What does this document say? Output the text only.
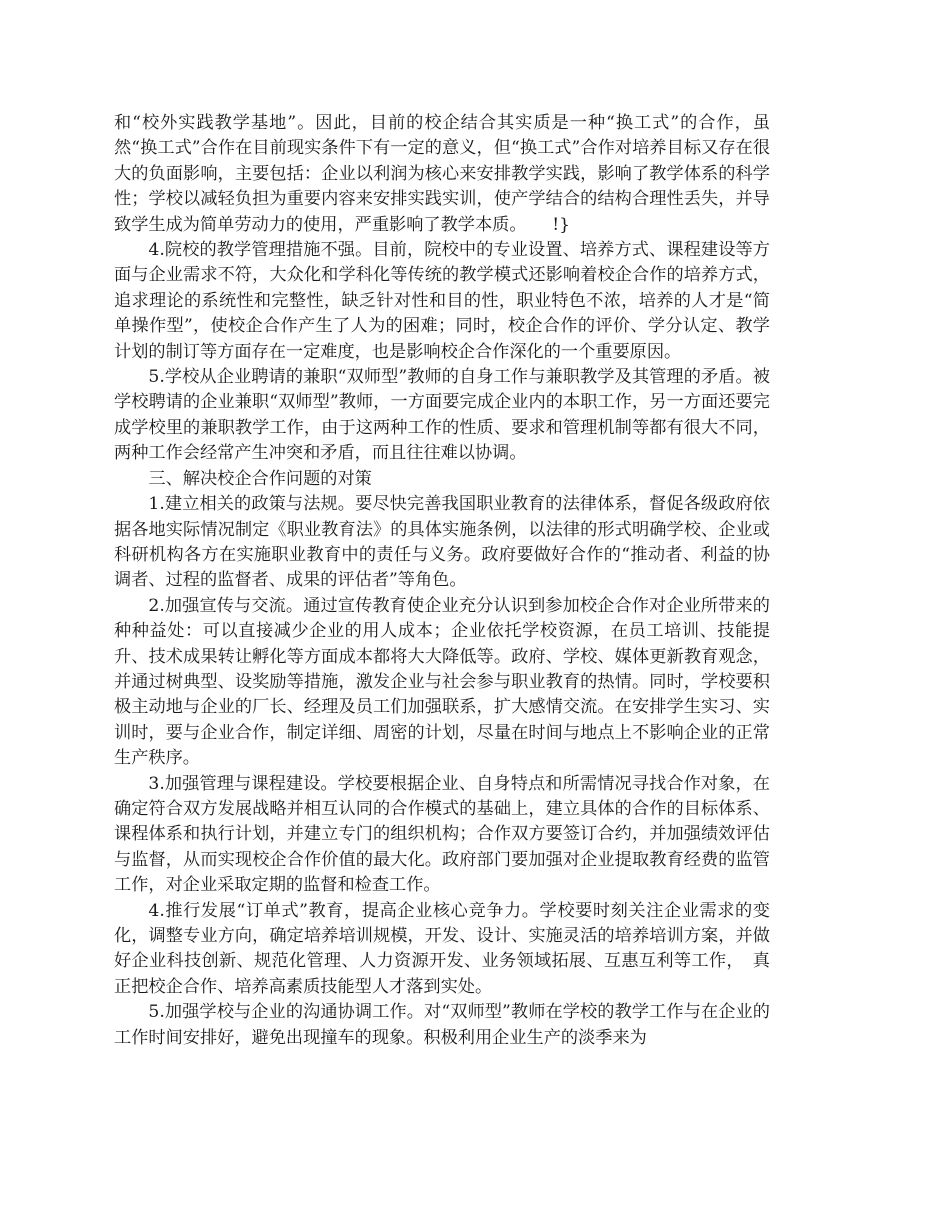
和“校外实践教学基地”。因此，目前的校企结合其实质是一种“换工式”的合作，虽然“换工式”合作在目前现实条件下有一定的意义，但“换工式”合作对培养目标又存在很大的负面影响，主要包括：企业以利润为核心来安排教学实践，影响了教学体系的科学性；学校以减轻负担为重要内容来安排实践实训，使产学结合的结构合理性丢失，并导致学生成为简单劳动力的使用，严重影响了教学本质。　　!}

4.院校的教学管理措施不强。目前，院校中的专业设置、培养方式、课程建设等方面与企业需求不符，大众化和学科化等传统的教学模式还影响着校企合作的培养方式，追求理论的系统性和完整性，缺乏针对性和目的性，职业特色不浓，培养的人才是“简单操作型”，使校企合作产生了人为的困难；同时，校企合作的评价、学分认定、教学计划的制订等方面存在一定难度，也是影响校企合作深化的一个重要原因。

5.学校从企业聘请的兼职“双师型”教师的自身工作与兼职教学及其管理的矛盾。被学校聘请的企业兼职“双师型”教师，一方面要完成企业内的本职工作，另一方面还要完成学校里的兼职教学工作，由于这两种工作的性质、要求和管理机制等都有很大不同，两种工作会经常产生冲突和矛盾，而且往往难以协调。

三、解决校企合作问题的对策

1.建立相关的政策与法规。要尽快完善我国职业教育的法律体系，督促各级政府依据各地实际情况制定《职业教育法》的具体实施条例，以法律的形式明确学校、企业或科研机构各方在实施职业教育中的责任与义务。政府要做好合作的“推动者、利益的协调者、过程的监督者、成果的评估者”等角色。

2.加强宣传与交流。通过宣传教育使企业充分认识到参加校企合作对企业所带来的种种益处：可以直接减少企业的用人成本；企业依托学校资源，在员工培训、技能提升、技术成果转让孵化等方面成本都将大大降低等。政府、学校、媒体更新教育观念，并通过树典型、设奖励等措施，激发企业与社会参与职业教育的热情。同时，学校要积极主动地与企业的厂长、经理及员工们加强联系，扩大感情交流。在安排学生实习、实训时，要与企业合作，制定详细、周密的计划，尽量在时间与地点上不影响企业的正常生产秩序。

3.加强管理与课程建设。学校要根据企业、自身特点和所需情况寻找合作对象，在确定符合双方发展战略并相互认同的合作模式的基础上，建立具体的合作的目标体系、课程体系和执行计划，并建立专门的组织机构；合作双方要签订合约，并加强绩效评估与监督，从而实现校企合作价值的最大化。政府部门要加强对企业提取教育经费的监管工作，对企业采取定期的监督和检查工作。

4.推行发展“订单式”教育，提高企业核心竞争力。学校要时刻关注企业需求的变化，调整专业方向，确定培养培训规模，开发、设计、实施灵活的培养培训方案，并做好企业科技创新、规范化管理、人力资源开发、业务领域拓展、互惠互利等工作，　真正把校企合作、培养高素质技能型人才落到实处。

5.加强学校与企业的沟通协调工作。对“双师型”教师在学校的教学工作与在企业的工作时间安排好，避免出现撞车的现象。积极利用企业生产的淡季来为
